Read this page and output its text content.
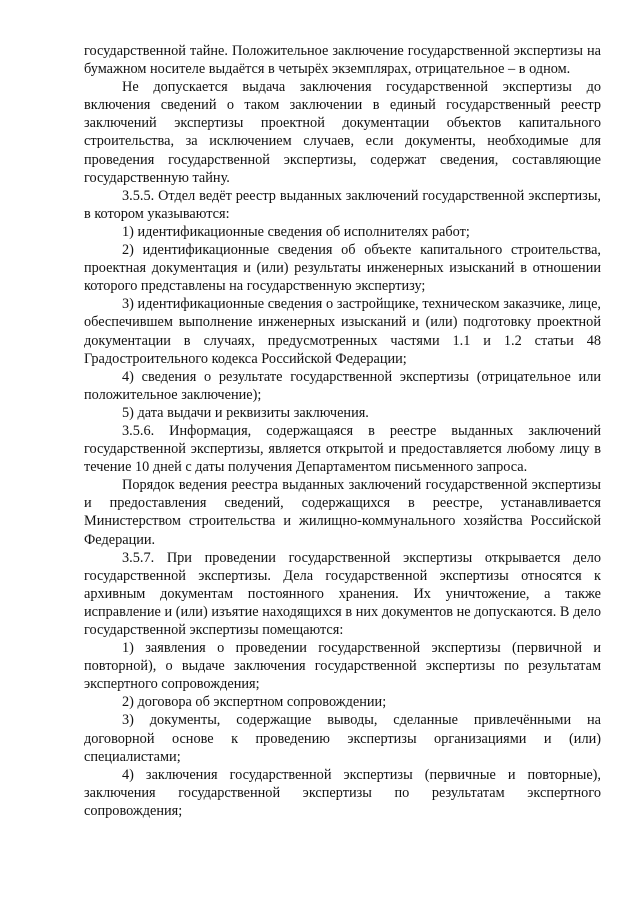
государственной тайне. Положительное заключение государственной экспертизы на бумажном носителе выдаётся в четырёх экземплярах, отрицательное – в одном.

Не допускается выдача заключения государственной экспертизы до включения сведений о таком заключении в единый государственный реестр заключений экспертизы проектной документации объектов капитального строительства, за исключением случаев, если документы, необходимые для проведения государственной экспертизы, содержат сведения, составляющие государственную тайну.

3.5.5. Отдел ведёт реестр выданных заключений государственной экспертизы, в котором указываются:

1) идентификационные сведения об исполнителях работ;

2) идентификационные сведения об объекте капитального строительства, проектная документация и (или) результаты инженерных изысканий в отношении которого представлены на государственную экспертизу;

3) идентификационные сведения о застройщике, техническом заказчике, лице, обеспечившем выполнение инженерных изысканий и (или) подготовку проектной документации в случаях, предусмотренных частями 1.1 и 1.2 статьи 48 Градостроительного кодекса Российской Федерации;

4) сведения о результате государственной экспертизы (отрицательное или положительное заключение);

5) дата выдачи и реквизиты заключения.

3.5.6. Информация, содержащаяся в реестре выданных заключений государственной экспертизы, является открытой и предоставляется любому лицу в течение 10 дней с даты получения Департаментом письменного запроса.

Порядок ведения реестра выданных заключений государственной экспертизы и предоставления сведений, содержащихся в реестре, устанавливается Министерством строительства и жилищно-коммунального хозяйства Российской Федерации.

3.5.7. При проведении государственной экспертизы открывается дело государственной экспертизы. Дела государственной экспертизы относятся к архивным документам постоянного хранения. Их уничтожение, а также исправление и (или) изъятие находящихся в них документов не допускаются. В дело государственной экспертизы помещаются:

1) заявления о проведении государственной экспертизы (первичной и повторной), о выдаче заключения государственной экспертизы по результатам экспертного сопровождения;

2) договора об экспертном сопровождении;

3) документы, содержащие выводы, сделанные привлечёнными на договорной основе к проведению экспертизы организациями и (или) специалистами;

4) заключения государственной экспертизы (первичные и повторные), заключения государственной экспертизы по результатам экспертного сопровождения;
